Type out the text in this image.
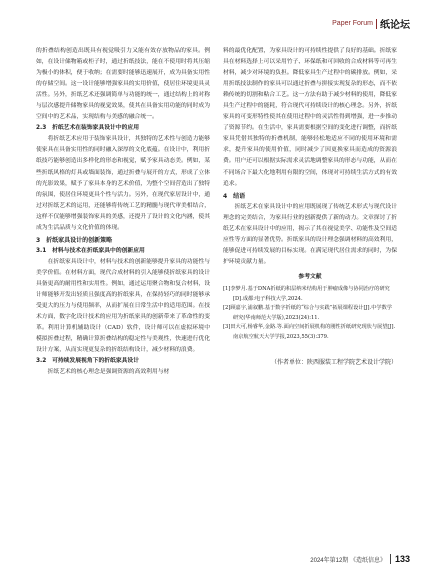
Paper Forum 纸论坛

的折叠结构创造出既具有视觉吸引力又能有效存放物品的家具。例如，在设计储物箱或柜子时，通过折纸技法，能在不使用时将其压缩为极小的体积，便于收纳；在需要时能够迅速展开，成为具备实用性的存储空间。这一设计能够增强家具的实用价值，使居住环境更具灵活性。另外，折纸艺术还强调简单与功能的统一，通过结构上的对称与层次感提升储物家具的视觉效果，使其在具备实用功能的同时成为空间中的艺术品，实现结构与美感的融合统一。

2.3　折纸艺术在装饰家具设计中的应用

将折纸艺术应用于装饰家具设计，其独特的艺术性与创造力能够使家具在具备实用性的同时融入深厚的文化底蕴。在设计中，利用折纸技巧能够创造出多样化的形态和视觉，赋予家具动态美。例如，某些折纸风格的灯具或墙面装饰，通过折叠与展开的方式，形成了立体的光影效果，赋予了家具本身的艺术价值，为整个空间营造出了独特的氛围，使居住环境更具个性与活力。另外，在现代家居设计中，通过对折纸艺术的运用，还能够将传统工艺的精髓与现代审美相结合，这样不仅能够增强装饰家具的美感，还提升了设计的文化内涵，使其成为生活品质与文化价值的体现。

3　折纸家具设计的创新策略

3.1　材料与技术在折纸家具中的创新应用

在折纸家具设计中，材料与技术的创新能够提升家具的功能性与美学价值。在材料方面，现代合成材料的引入能够使折纸家具的设计具备更高的耐用性和实用性。例如，通过运用聚合物和复合材料，设计师能够开发出轻质且强度高的折纸家具，在保持轻巧的同时能够承受更大的压力与使用频率，从而扩展在日常生活中的适用范围。在技术方面，数字化设计技术的应用为折纸家具的创新带来了革命性的变革。利用计算机辅助设计（CAD）软件，设计师可以在虚拟环境中模拟折叠过程，精确计算折叠结构的稳定性与美观性，快速进行优化设计方案，从而实现更复杂的折纸结构设计，减少材料的浪费。

3.2　可持续发展视角下的折纸家具设计

折纸艺术的核心理念是强调资源的高效利用与材

料的最优化配置，为家具设计的可持续性提供了良好的基础。折纸家具在材料选择上可以采用竹子、环保纸和可回收的合成材料等可再生材料，减少对环境的负担。降低家具生产过程中的碳排放。例如，采用折纸技法制作的家具可以通过折叠与拼接实现复杂的形态，而不依赖传统的切割和粘合工艺。这一方法有助于减少材料的使用，降低家具生产过程中的能耗，符合现代可持续设计的核心理念。另外，折纸家具的可变形特性使其在使用过程中的灵活性得到增强，进一步推动了资源节约。在生活中，家具需要根据空间的变化进行调整，而折纸家具凭借其独特的折叠机制，能够轻松地适应不同的使用环境和需求，提升家具的使用价值，同时减少了因更换家具而造成的资源浪费。用户还可以根据实际需求灵活地调整家具的形态与功能，从而在不同场合下最大化地利用有限的空间，体现对可持续生活方式的有效追求。

4　结语

折纸艺术在家具设计中的应用既展现了传统艺术形式与现代设计理念的完美结合，为家具行业的创新提供了新的动力。文章探讨了折纸艺术在家具设计中的应用，揭示了其在视觉美学、功能性及空间适应性等方面的显著优势。折纸家具的设计理念强调材料的高效利用，能够促进可持续发展的目标实现。在满足现代居住需求的同时，为保护环境贡献力量。

参考文献

[1]李梦月.基于DNA折纸的积层纳米结构用于肿瘤成像与协同治疗的研究[D].成都:电子科技大学,2024.

[2]顾嘉宇,浦叙鹏.基于数字折纸的“综合与实践”拓展课程设计[J].中学数学研究(华南师范大学版),2023(24):11.

[3]田大可,杨睿华,金路.等.面向空间折展机构的刚性折纸研究现状与展望[J].南京航空航天大学学报,2023,55(3):379.

（作者单位：陕西服装工程学院艺术设计学院）
2024年第12期 《造纸信息》 133
